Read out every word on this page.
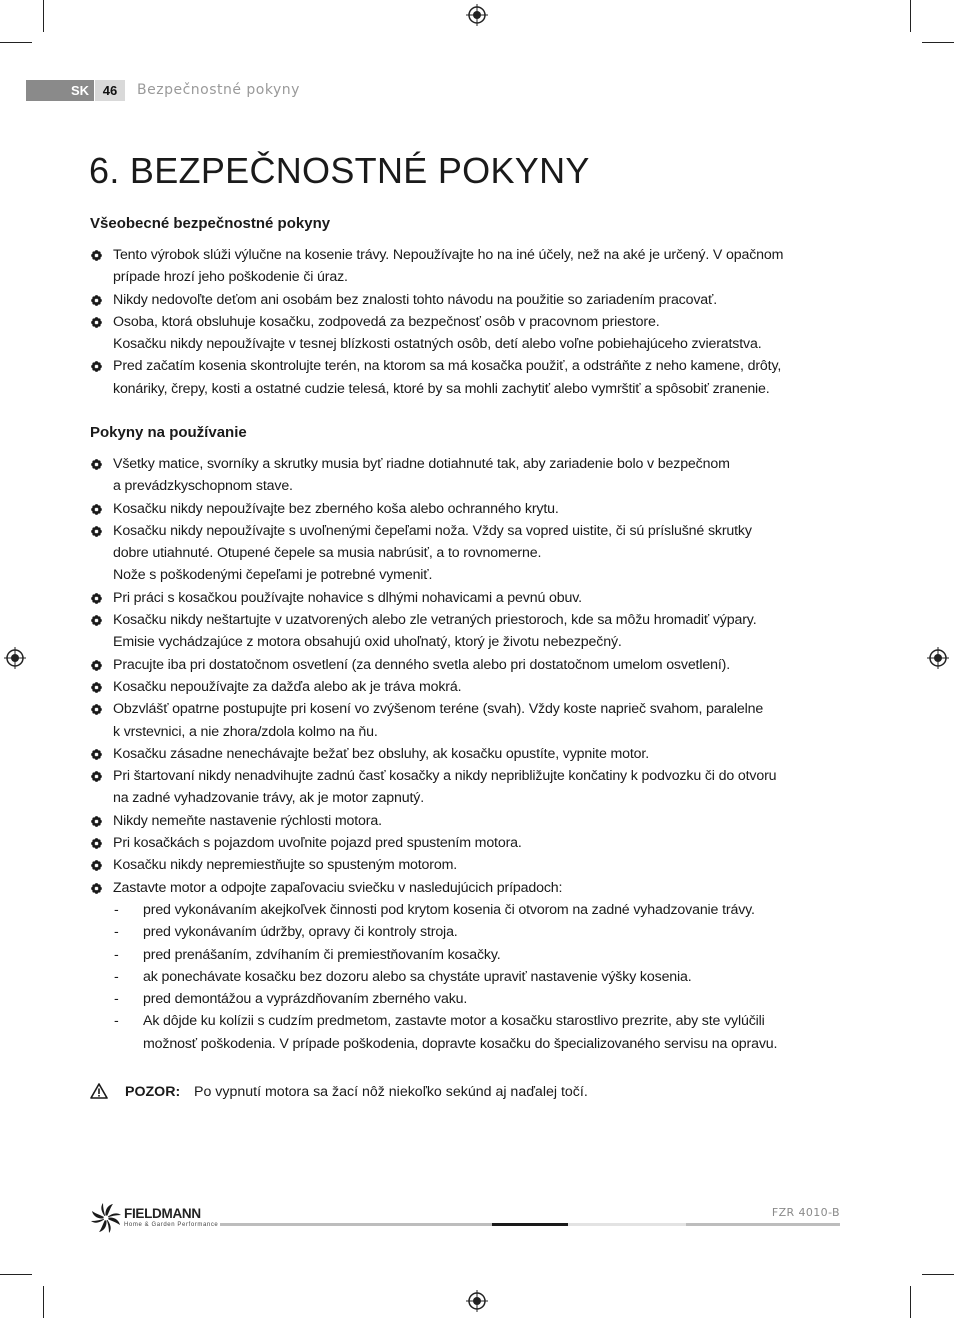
SK	46	Bezpečnostné pokyny
6. BEZPEČNOSTNÉ POKYNY
Všeobecné bezpečnostné pokyny
Tento výrobok slúži výlučne na kosenie trávy. Nepoužívajte ho na iné účely, než na aké je určený. V opačnom
prípade hrozí jeho poškodenie či úraz.
Nikdy nedovoľte deťom ani osobám bez znalosti tohto návodu na použitie so zariadením pracovať.
Osoba, ktorá obsluhuje kosačku, zodpovedá za bezpečnosť osôb v pracovnom priestore.
Kosačku nikdy nepoužívajte v tesnej blízkosti ostatných osôb, detí alebo voľne pobiehajúceho zvieratstva.
Pred začatím kosenia skontrolujte terén, na ktorom sa má kosačka použiť, a odstráňte z neho kamene, drôty,
konáriky, črepy, kosti a ostatné cudzie telesá, ktoré by sa mohli zachytiť alebo vymrštiť a spôsobiť zranenie.
Pokyny na používanie
Všetky matice, svorníky a skrutky musia byť riadne dotiahnuté tak, aby zariadenie bolo v bezpečnom
a prevádzkyschopnom stave.
Kosačku nikdy nepoužívajte bez zberného koša alebo ochranného krytu.
Kosačku nikdy nepoužívajte s uvoľnenými čepeľami noža. Vždy sa vopred uistite, či sú príslušné skrutky
dobre utiahnuté. Otupené čepele sa musia nabrúsiť, a to rovnomerne.
Nože s poškodenými čepeľami je potrebné vymeniť.
Pri práci s kosačkou používajte nohavice s dlhými nohavicami a pevnú obuv.
Kosačku nikdy neštartujte v uzatvorených alebo zle vetraných priestoroch, kde sa môžu hromadiť výpary.
Emisie vychádzajúce z motora obsahujú oxid uhoľnatý, ktorý je životu nebezpečný.
Pracujte iba pri dostatočnom osvetlení (za denného svetla alebo pri dostatočnom umelom osvetlení).
Kosačku nepoužívajte za dažďa alebo ak je tráva mokrá.
Obzvlášť opatrne postupujte pri kosení vo zvýšenom teréne (svah). Vždy koste naprieč svahom, paralelne
k vrstevnici, a nie zhora/zdola kolmo na ňu.
Kosačku zásadne nenechávajte bežať bez obsluhy, ak kosačku opustíte, vypnite motor.
Pri štartovaní nikdy nenadvihujte zadnú časť kosačky a nikdy nepribližujte končatiny k podvozku či do otvoru
na zadné vyhadzovanie trávy, ak je motor zapnutý.
Nikdy nemeňte nastavenie rýchlosti motora.
Pri kosačkách s pojazdom uvoľnite pojazd pred spustením motora.
Kosačku nikdy nepremiestňujte so spusteným motorom.
Zastavte motor a odpojte zapaľovaciu sviečku v nasledujúcich prípadoch:
- pred vykonávaním akejkoľvek činnosti pod krytom kosenia či otvorom na zadné vyhadzovanie trávy.
- pred vykonávaním údržby, opravy či kontroly stroja.
- pred prenášaním, zdvíhaním či premiestňovaním kosačky.
- ak ponechávate kosačku bez dozoru alebo sa chystáte upraviť nastavenie výšky kosenia.
- pred demontážou a vyprázdňovaním zberného vaku.
- Ak dôjde ku kolízii s cudzím predmetom, zastavte motor a kosačku starostlivo prezrite, aby ste vylúčili
možnosť poškodenia. V prípade poškodenia, dopravte kosačku do špecializovaného servisu na opravu.
POZOR: Po vypnutí motora sa žací nôž niekoľko sekúnd aj naďalej točí.
FIELDMANN
Home & Garden Performance
FZR 4010-B
